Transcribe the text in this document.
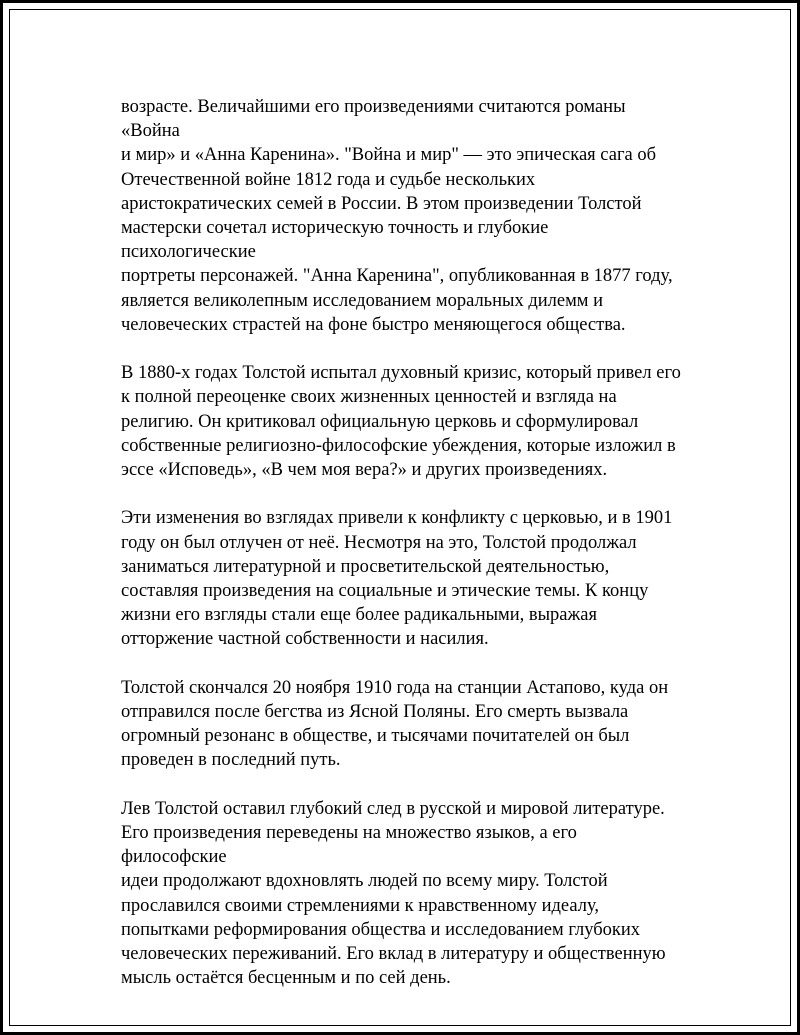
возрасте. Величайшими его произведениями считаются романы «Война
и мир» и «Анна Каренина». "Война и мир" — это эпическая сага об
Отечественной войне 1812 года и судьбе нескольких
аристократических семей в России. В этом произведении Толстой
мастерски сочетал историческую точность и глубокие психологические
портреты персонажей. "Анна Каренина", опубликованная в 1877 году,
является великолепным исследованием моральных дилемм и
человеческих страстей на фоне быстро меняющегося общества.

В 1880-х годах Толстой испытал духовный кризис, который привел его
к полной переоценке своих жизненных ценностей и взгляда на
религию. Он критиковал официальную церковь и сформулировал
собственные религиозно-философские убеждения, которые изложил в
эссе «Исповедь», «В чем моя вера?» и других произведениях.

Эти изменения во взглядах привели к конфликту с церковью, и в 1901
году он был отлучен от неё. Несмотря на это, Толстой продолжал
заниматься литературной и просветительской деятельностью,
составляя произведения на социальные и этические темы. К концу
жизни его взгляды стали еще более радикальными, выражая
отторжение частной собственности и насилия.

Толстой скончался 20 ноября 1910 года на станции Астапово, куда он
отправился после бегства из Ясной Поляны. Его смерть вызвала
огромный резонанс в обществе, и тысячами почитателей он был
проведен в последний путь.

Лев Толстой оставил глубокий след в русской и мировой литературе.
Его произведения переведены на множество языков, а его философские
идеи продолжают вдохновлять людей по всему миру. Толстой
прославился своими стремлениями к нравственному идеалу,
попытками реформирования общества и исследованием глубоких
человеческих переживаний. Его вклад в литературу и общественную
мысль остаётся бесценным и по сей день.
